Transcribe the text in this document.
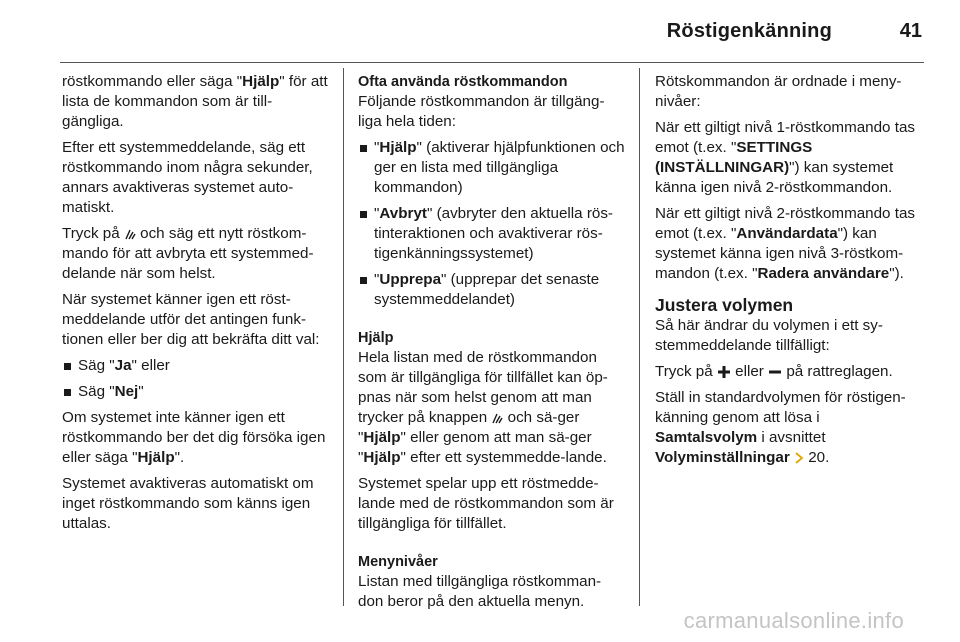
Röstigenkänning	41

röstkommando eller säga "Hjälp" för att lista de kommandon som är till-gängliga.

Efter ett systemmeddelande, säg ett röstkommando inom några sekunder, annars avaktiveras systemet auto-matiskt.

Tryck på och säg ett nytt röstkom-mando för att avbryta ett systemmed-delande när som helst.

När systemet känner igen ett röst-meddelande utför det antingen funk-tionen eller ber dig att bekräfta ditt val:

Säg "Ja" eller
Säg "Nej"

Om systemet inte känner igen ett röstkommando ber det dig försöka igen eller säga "Hjälp".

Systemet avaktiveras automatiskt om inget röstkommando som känns igen uttalas.

Ofta använda röstkommandon

Följande röstkommandon är tillgäng-liga hela tiden:

"Hjälp" (aktiverar hjälpfunktionen och ger en lista med tillgängliga kommandon)
"Avbryt" (avbryter den aktuella rös-tinteraktionen och avaktiverar rös-tigenkänningssystemet)
"Upprepa" (upprepar det senaste systemmeddelandet)
Hjälp

Hela listan med de röstkommandon som är tillgängliga för tillfället kan öp-pnas när som helst genom att man trycker på knappen och sä-ger "Hjälp" eller genom att man sä-ger "Hjälp" efter ett systemmedde-lande.

Systemet spelar upp ett röstmedde-lande med de röstkommandon som är tillgängliga för tillfället.

Menynivåer

Listan med tillgängliga röstkomman-don beror på den aktuella menyn.

Rötskommandon är ordnade i meny-nivåer:

När ett giltigt nivå 1-röstkommando tas emot (t.ex. "SETTINGS (INSTÄLLNINGAR)") kan systemet känna igen nivå 2-röstkommandon.

När ett giltigt nivå 2-röstkommando tas emot (t.ex. "Användardata") kan systemet känna igen nivå 3-röstkom-mandon (t.ex. "Radera användare").

Justera volymen

Så här ändrar du volymen i ett sy-stemmeddelande tillfälligt:

Tryck på eller på rattreglagen.

Ställ in standardvolymen för röstigen-känning genom att lösa i
Samtalsvolym i avsnittet
Volyminställningar 20.

carmanualsonline.info
